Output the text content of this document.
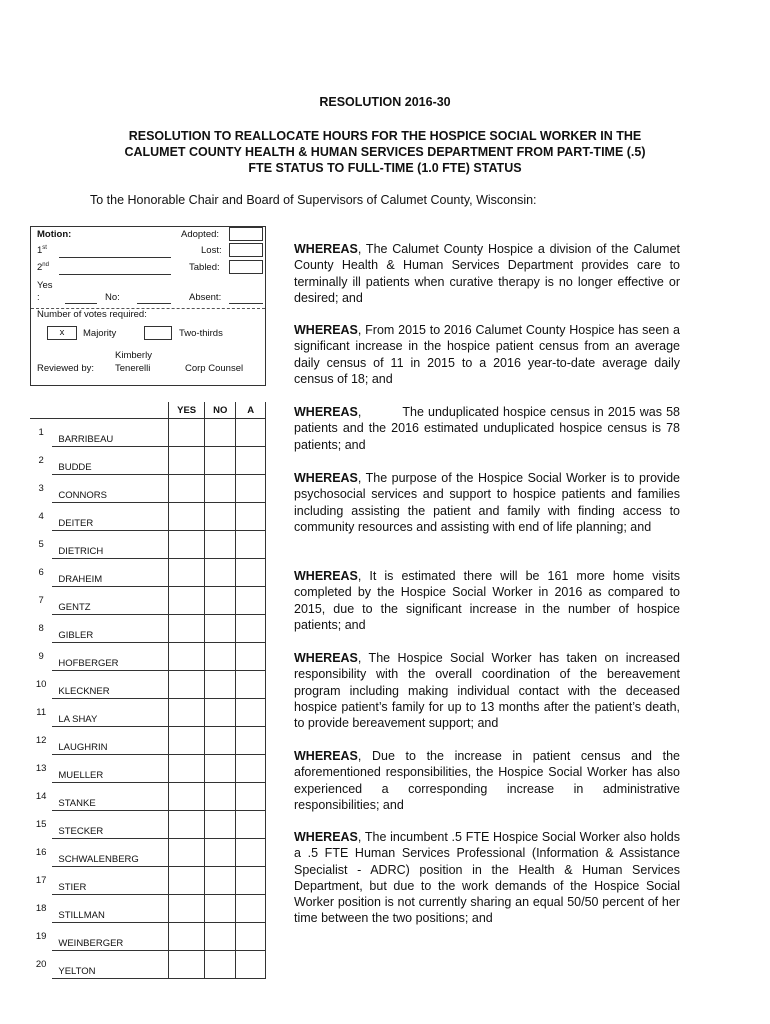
RESOLUTION 2016-30
RESOLUTION TO REALLOCATE HOURS FOR THE HOSPICE SOCIAL WORKER IN THE
CALUMET COUNTY HEALTH & HUMAN SERVICES DEPARTMENT FROM PART-TIME (.5)
FTE STATUS TO FULL-TIME (1.0 FTE) STATUS
To the Honorable Chair and Board of Supervisors of Calumet County, Wisconsin:
Motion:	Adopted:
1st	Lost:
2nd	Tabled:
Yes
:	No:	Absent:
Number of votes required:
x	Majority	Two-thirds
Kimberly
Reviewed by: Tenerelli	Corp Counsel
		YES	NO	A
1	BARRIBEAU			

2	BUDDE			

3	CONNORS			

4	DEITER			

5	DIETRICH			

6	DRAHEIM			

7	GENTZ			

8	GIBLER			

9	HOFBERGER			

10	KLECKNER			

11	LA SHAY			

12	LAUGHRIN			

13	MUELLER			

14	STANKE			

15	STECKER			

16	SCHWALENBERG			

17	STIER			

18	STILLMAN			

19	WEINBERGER			

20	YELTON			

WHEREAS, The Calumet County Hospice a division of the Calumet County Health & Human Services Department provides care to terminally ill patients when curative therapy is no longer effective or desired; and

WHEREAS, From 2015 to 2016 Calumet County Hospice has seen a significant increase in the hospice patient census from an average daily census of 11 in 2015 to a 2016 year-to-date average daily census of 18; and

WHEREAS,          The unduplicated hospice census in 2015 was 58 patients and the 2016 estimated unduplicated hospice census is 78 patients; and

WHEREAS, The purpose of the Hospice Social Worker is to provide psychosocial services and support to hospice patients and families including assisting the patient and family with finding access to community resources and assisting with end of life planning; and

WHEREAS, It is estimated there will be 161 more home visits completed by the Hospice Social Worker in 2016 as compared to 2015, due to the significant increase in the number of hospice patients; and

WHEREAS, The Hospice Social Worker has taken on increased responsibility with the overall coordination of the bereavement program including making individual contact with the deceased hospice patient’s family for up to 13 months after the patient’s death, to provide bereavement support; and

WHEREAS, Due to the increase in patient census and the aforementioned responsibilities, the Hospice Social Worker has also experienced a corresponding increase in administrative responsibilities; and

WHEREAS, The incumbent .5 FTE Hospice Social Worker also holds a .5 FTE Human Services Professional (Information & Assistance Specialist - ADRC) position in the Health & Human Services Department, but due to the work demands of the Hospice Social Worker position is not currently sharing an equal 50/50 percent of her time between the two positions; and
